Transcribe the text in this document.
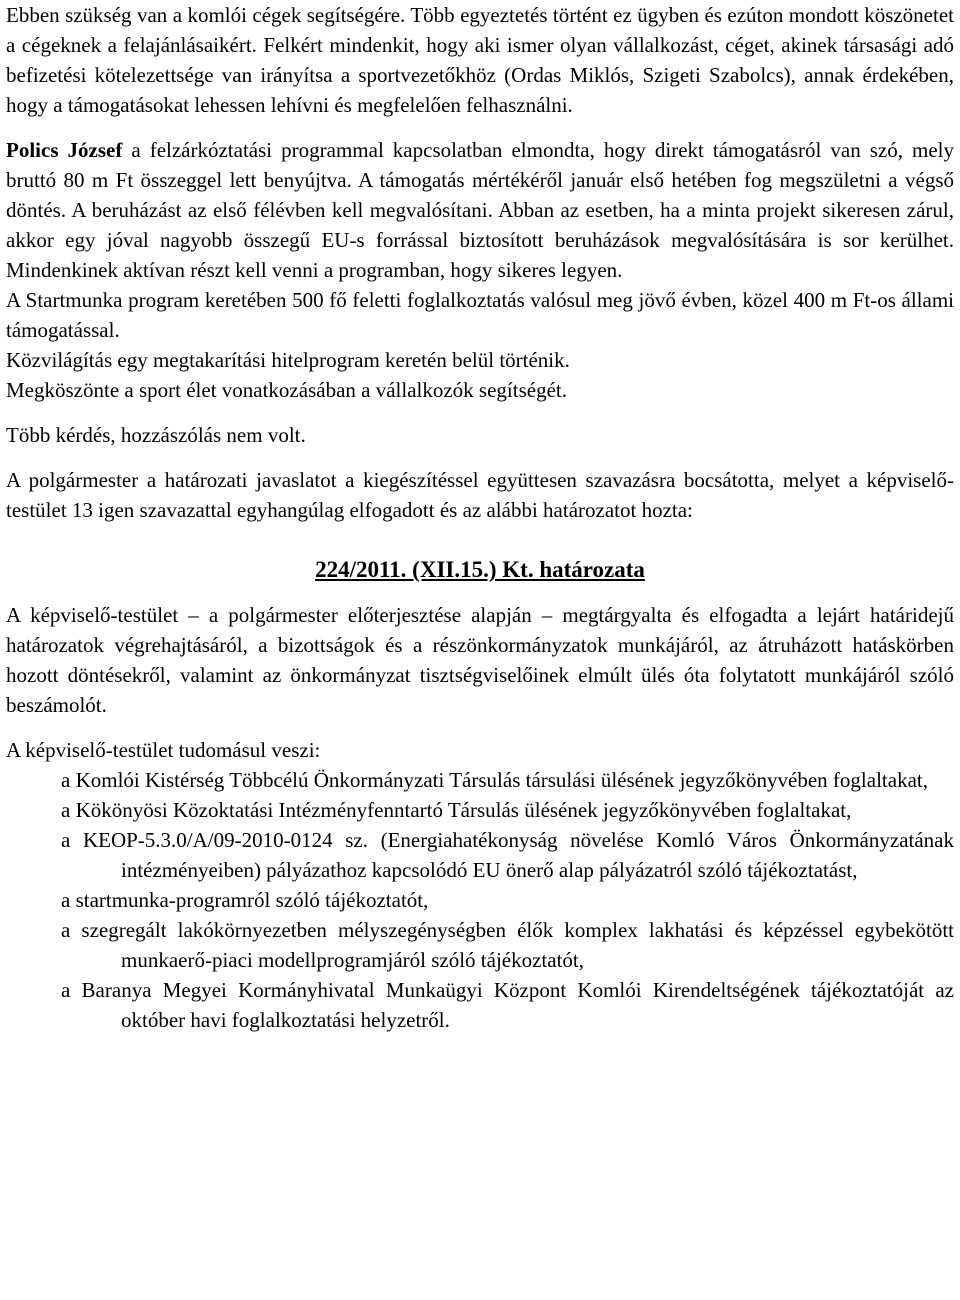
Ebben szükség van a komlói cégek segítségére. Több egyeztetés történt ez ügyben és ezúton mondott köszönetet a cégeknek a felajánlásaikért. Felkért mindenkit, hogy aki ismer olyan vállalkozást, céget, akinek társasági adó befizetési kötelezettsége van irányítsa a sportvezetőkhöz (Ordas Miklós, Szigeti Szabolcs), annak érdekében, hogy a támogatásokat lehessen lehívni és megfelelően felhasználni.

Polics József a felzárkóztatási programmal kapcsolatban elmondta, hogy direkt támogatásról van szó, mely bruttó 80 m Ft összeggel lett benyújtva. A támogatás mértékéről január első hetében fog megszületni a végső döntés. A beruházást az első félévben kell megvalósítani. Abban az esetben, ha a minta projekt sikeresen zárul, akkor egy jóval nagyobb összegű EU-s forrással biztosított beruházások megvalósítására is sor kerülhet. Mindenkinek aktívan részt kell venni a programban, hogy sikeres legyen.

A Startmunka program keretében 500 fő feletti foglalkoztatás valósul meg jövő évben, közel 400 m Ft-os állami támogatással.

Közvilágítás egy megtakarítási hitelprogram keretén belül történik.

Megköszönte a sport élet vonatkozásában a vállalkozók segítségét.

Több kérdés, hozzászólás nem volt.

A polgármester a határozati javaslatot a kiegészítéssel együttesen szavazásra bocsátotta, melyet a képviselő-testület 13 igen szavazattal egyhangúlag elfogadott és az alábbi határozatot hozta:

224/2011. (XII.15.) Kt. határozata

A képviselő-testület – a polgármester előterjesztése alapján – megtárgyalta és elfogadta a lejárt határidejű határozatok végrehajtásáról, a bizottságok és a részönkormányzatok munkájáról, az átruházott hatáskörben hozott döntésekről, valamint az önkormányzat tisztségviselőinek elmúlt ülés óta folytatott munkájáról szóló beszámolót.

A képviselő-testület tudomásul veszi:

a Komlói Kistérség Többcélú Önkormányzati Társulás társulási ülésének jegyzőkönyvében foglaltakat,
a Kökönyösi Közoktatási Intézményfenntartó Társulás ülésének jegyzőkönyvében foglaltakat,
a KEOP-5.3.0/A/09-2010-0124 sz. (Energiahatékonyság növelése Komló Város Önkormányzatának intézményeiben) pályázathoz kapcsolódó EU önerő alap pályázatról szóló tájékoztatást,
a startmunka-programról szóló tájékoztatót,
a szegregált lakókörnyezetben mélyszegénységben élők komplex lakhatási és képzéssel egybekötött munkaerő-piaci modellprogramjáról szóló tájékoztatót,
a Baranya Megyei Kormányhivatal Munkaügyi Központ Komlói Kirendeltségének tájékoztatóját az október havi foglalkoztatási helyzetről.
